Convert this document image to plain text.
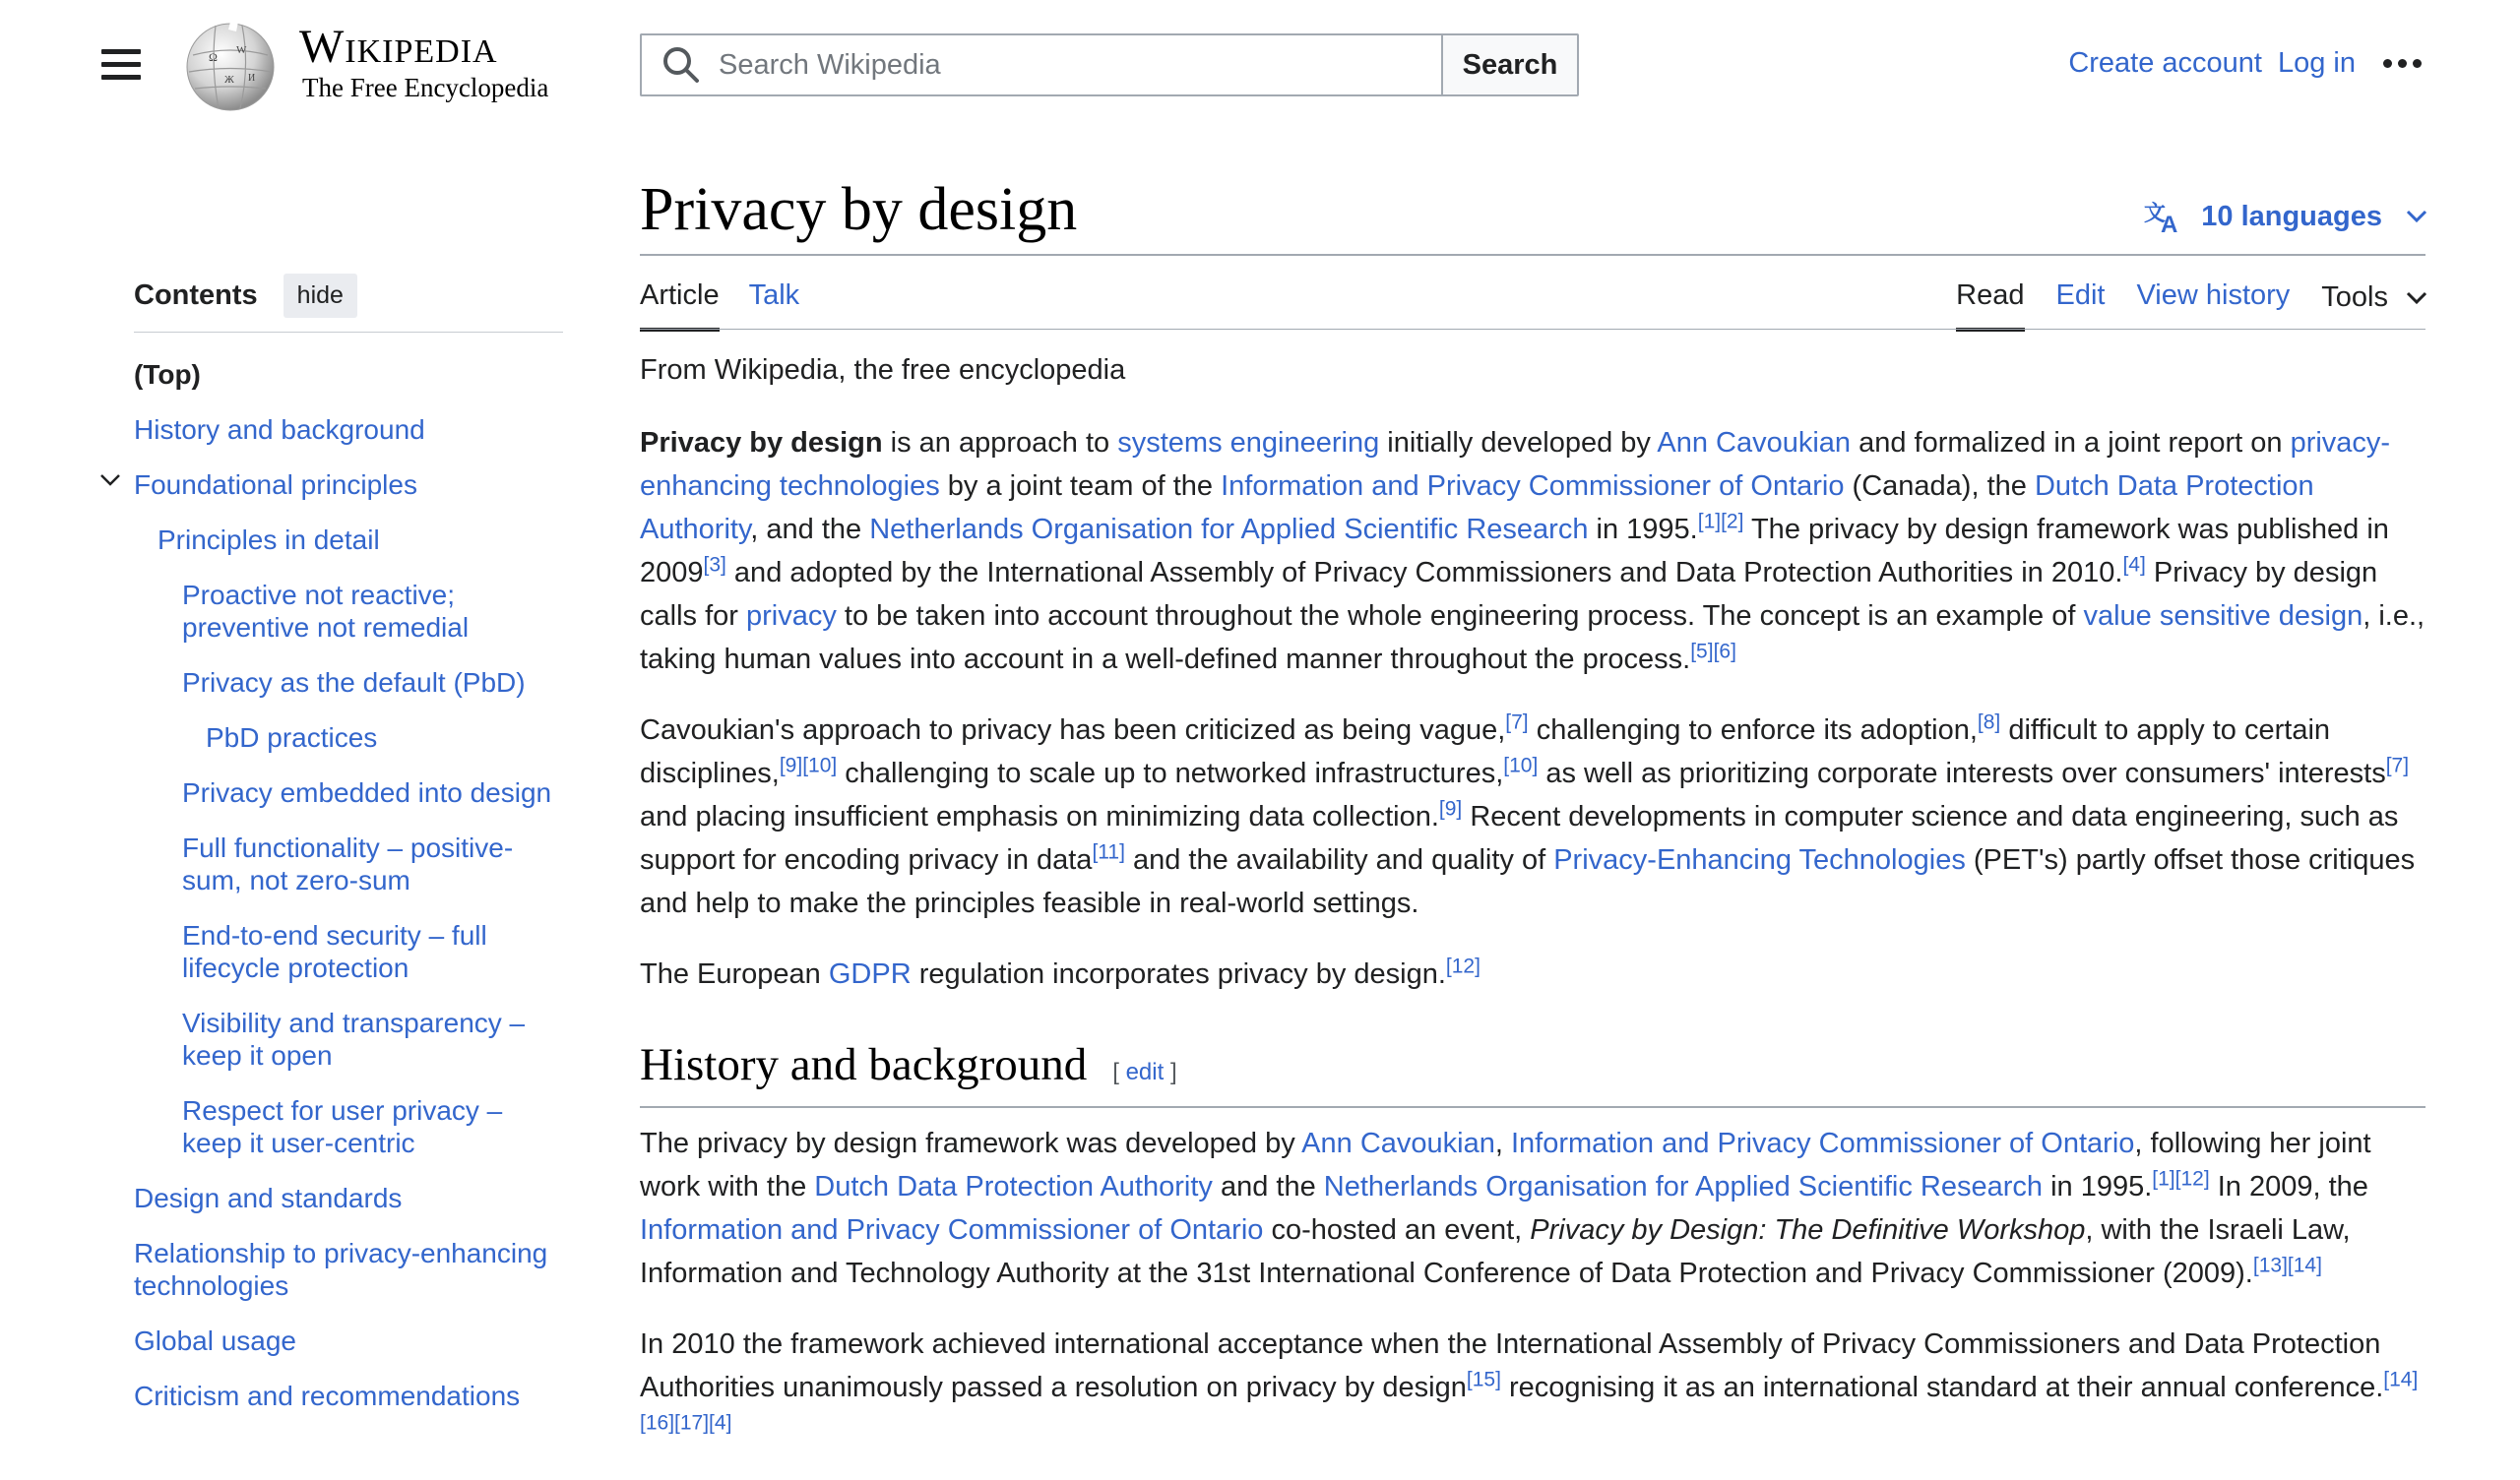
Ω W
Ж И
Wikipedia
The Free Encyclopedia
Search Wikipedia
Search	Create account Log in
Privacy by design	文
A 10 languages
Article Talk	Read Edit View history Tools
Contents	hide
(Top)
History and background
Foundational principles
Principles in detail
Proactive not reactive; preventive not remedial
Privacy as the default (PbD)
PbD practices
Privacy embedded into design
Full functionality – positive-sum, not zero-sum
End-to-end security – full lifecycle protection
Visibility and transparency – keep it open
Respect for user privacy – keep it user-centric
Design and standards
Relationship to privacy-enhancing technologies
Global usage
Criticism and recommendations

From Wikipedia, the free encyclopedia

Privacy by design is an approach to systems engineering initially developed by Ann Cavoukian and formalized in a joint report on privacy-enhancing technologies by a joint team of the Information and Privacy Commissioner of Ontario (Canada), the Dutch Data Protection Authority, and the Netherlands Organisation for Applied Scientific Research in 1995.[1][2] The privacy by design framework was published in 2009[3] and adopted by the International Assembly of Privacy Commissioners and Data Protection Authorities in 2010.[4] Privacy by design calls for privacy to be taken into account throughout the whole engineering process. The concept is an example of value sensitive design, i.e., taking human values into account in a well-defined manner throughout the process.[5][6]

Cavoukian's approach to privacy has been criticized as being vague,[7] challenging to enforce its adoption,[8] difficult to apply to certain disciplines,[9][10] challenging to scale up to networked infrastructures,[10] as well as prioritizing corporate interests over consumers' interests[7] and placing insufficient emphasis on minimizing data collection.[9] Recent developments in computer science and data engineering, such as support for encoding privacy in data[11] and the availability and quality of Privacy-Enhancing Technologies (PET's) partly offset those critiques and help to make the principles feasible in real-world settings.

The European GDPR regulation incorporates privacy by design.[12]

History and background [ edit ]

The privacy by design framework was developed by Ann Cavoukian, Information and Privacy Commissioner of Ontario, following her joint work with the Dutch Data Protection Authority and the Netherlands Organisation for Applied Scientific Research in 1995.[1][12] In 2009, the Information and Privacy Commissioner of Ontario co-hosted an event, Privacy by Design: The Definitive Workshop, with the Israeli Law, Information and Technology Authority at the 31st International Conference of Data Protection and Privacy Commissioner (2009).[13][14]

In 2010 the framework achieved international acceptance when the International Assembly of Privacy Commissioners and Data Protection Authorities unanimously passed a resolution on privacy by design[15] recognising it as an international standard at their annual conference.[14][16][17][4]
